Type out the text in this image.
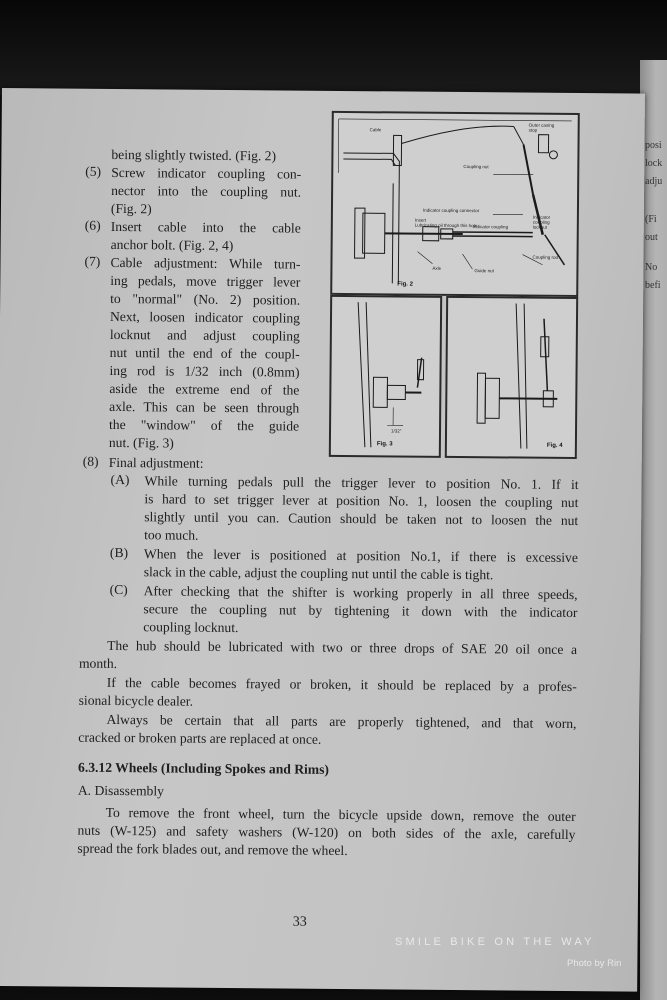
posi
lock
adju
(Fi
out
No
befi
being slightly twisted. (Fig. 2)
(5) Screw indicator coupling con-
nector into the coupling nut.
(Fig. 2)
(6) Insert cable into the cable
anchor bolt. (Fig. 2, 4)
(7) Cable adjustment: While turn-
ing pedals, move trigger lever
to "normal" (No. 2) position.
Next, loosen indicator coupling
locknut and adjust coupling
nut until the end of the coupl-
ing rod is 1/32 inch (0.8mm)
aside the extreme end of the
axle. This can be seen through
the "window" of the guide
nut. (Fig. 3)
(8) Final adjustment:
(A) While turning pedals pull the trigger lever to position No. 1. If it
is hard to set trigger lever at position No. 1, loosen the coupling nut
slightly until you can. Caution should be taken not to loosen the nut
too much.
(B) When the lever is positioned at position No.1, if there is excessive
slack in the cable, adjust the coupling nut until the cable is tight.
(C) After checking that the shifter is working properly in all three speeds,
secure the coupling nut by tightening it down with the indicator
coupling locknut.
The hub should be lubricated with two or three drops of SAE 20 oil once a
month.
If the cable becomes frayed or broken, it should be replaced by a profes-
sional bicycle dealer.
Always be certain that all parts are properly tightened, and that worn,
cracked or broken parts are replaced at once.
6.3.12 Wheels (Including Spokes and Rims)
A. Disassembly
To remove the front wheel, turn the bicycle upside down, remove the outer
nuts (W-125) and safety washers (W-120) on both sides of the axle, carefully
spread the fork blades out, and remove the wheel.
33
Cable
Outer casing
stop
Coupling nut
Indicator coupling connector
Indicator
coupling
locknut
Insert
Lubricating oil through this hole
Indicator coupling
Axle	Guide nut
Coupling rod
Fig. 2
1/32"
Fig. 3	Fig. 4
SMILE BIKE ON THE WAY
Photo by Rin
